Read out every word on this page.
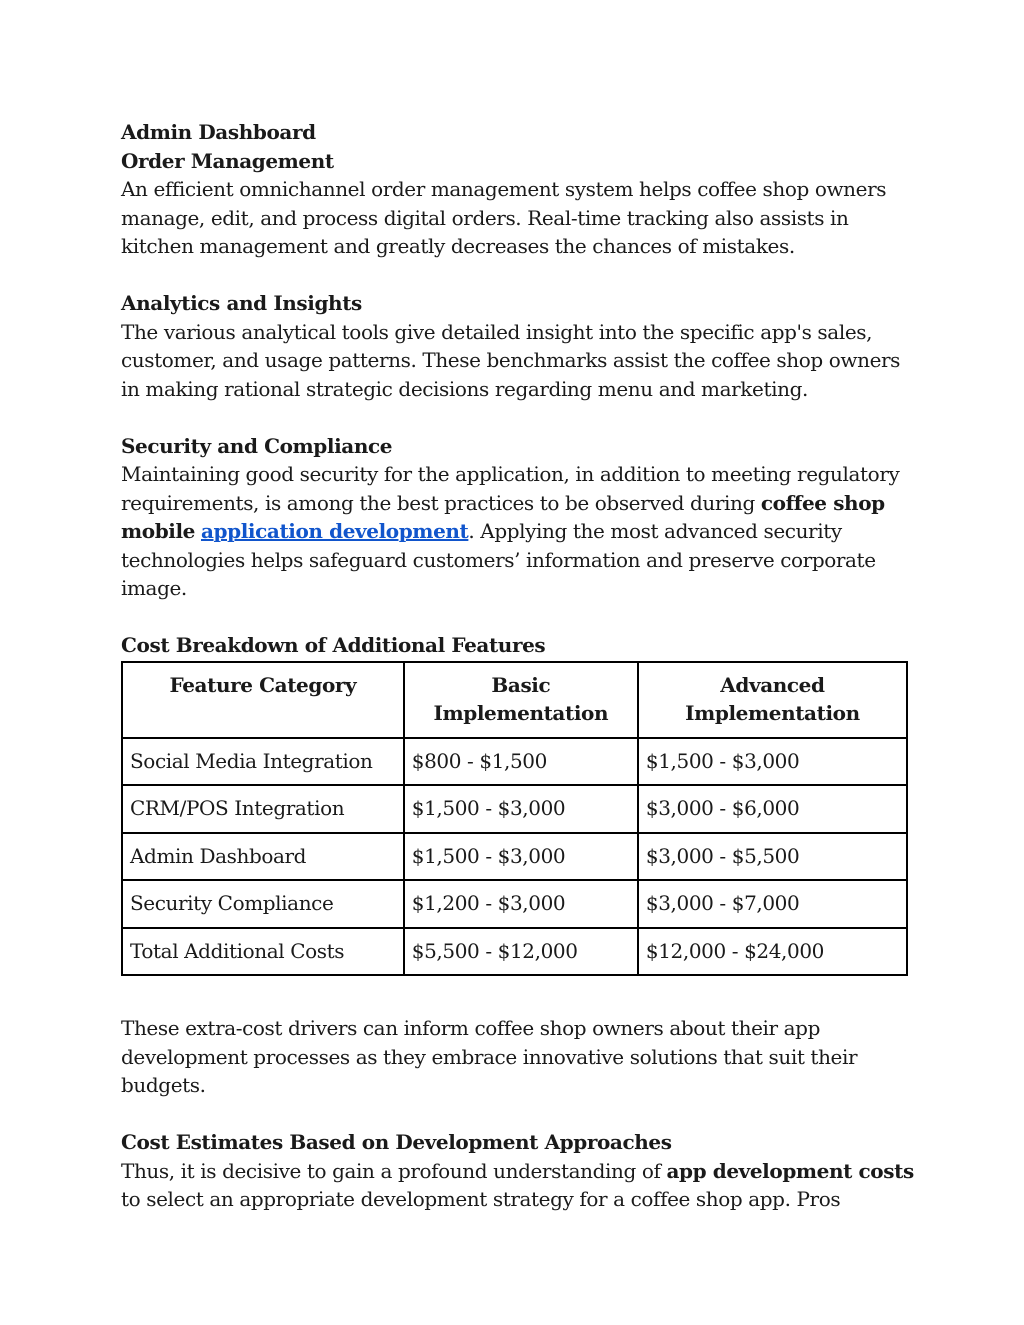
Admin Dashboard

Order Management

An efficient omnichannel order management system helps coffee shop owners manage, edit, and process digital orders. Real-time tracking also assists in kitchen management and greatly decreases the chances of mistakes.

Analytics and Insights

The various analytical tools give detailed insight into the specific app's sales, customer, and usage patterns. These benchmarks assist the coffee shop owners in making rational strategic decisions regarding menu and marketing.

Security and Compliance

Maintaining good security for the application, in addition to meeting regulatory requirements, is among the best practices to be observed during coffee shop mobile application development. Applying the most advanced security technologies helps safeguard customers’ information and preserve corporate image.

Cost Breakdown of Additional Features

Feature Category	Basic Implementation	Advanced Implementation
Social Media Integration	$800 - $1,500	$1,500 - $3,000
CRM/POS Integration	$1,500 - $3,000	$3,000 - $6,000
Admin Dashboard	$1,500 - $3,000	$3,000 - $5,500
Security Compliance	$1,200 - $3,000	$3,000 - $7,000
Total Additional Costs	$5,500 - $12,000	$12,000 - $24,000

These extra-cost drivers can inform coffee shop owners about their app development processes as they embrace innovative solutions that suit their budgets.

Cost Estimates Based on Development Approaches

Thus, it is decisive to gain a profound understanding of app development costs to select an appropriate development strategy for a coffee shop app. Pros
